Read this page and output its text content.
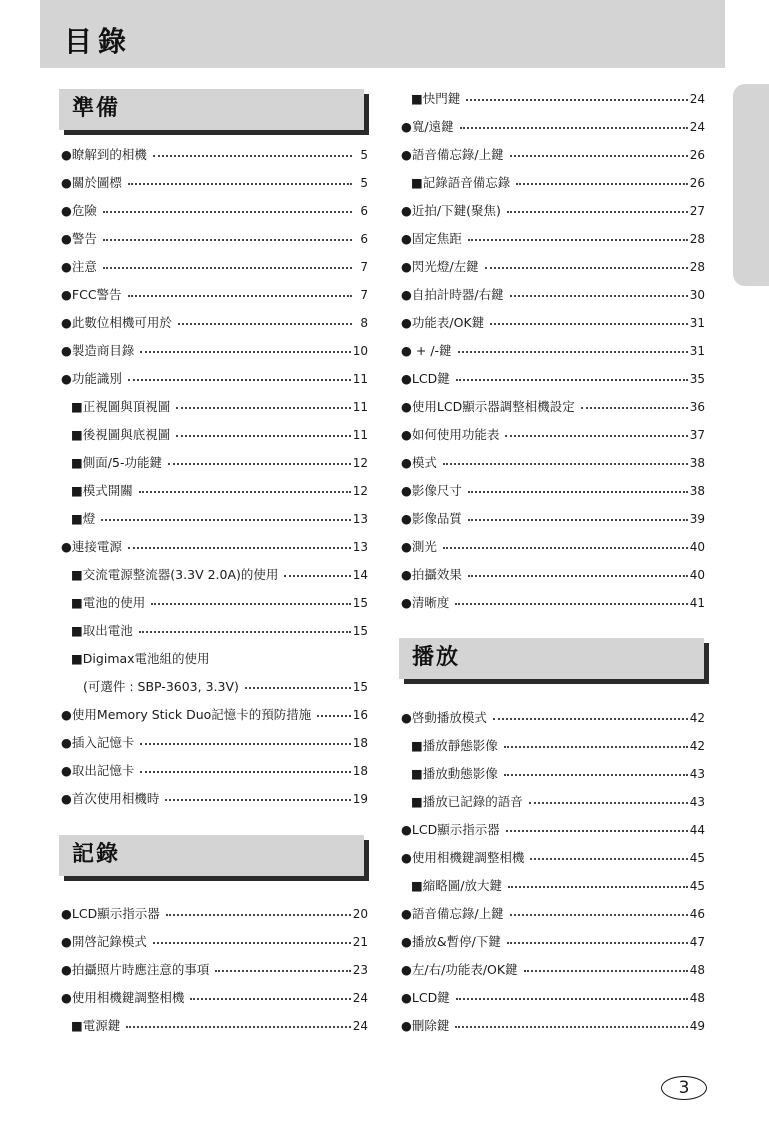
目錄
準備
記錄
播放
●瞭解到的相機	5
●關於圖標	5
●危險	6
●警告	6
●注意	7
●FCC警告	7
●此數位相機可用於	8
●製造商目錄	10
●功能識別	11
■正視圖與頂視圖	11
■後視圖與底視圖	11
■側面/5-功能鍵	12
■模式開關	12
■燈	13
●連接電源	13
■交流電源整流器(3.3V 2.0A)的使用	14
■電池的使用	15
■取出電池	15
■Digimax電池組的使用
(可選件 : SBP-3603, 3.3V)	15
●使用Memory Stick Duo記憶卡的預防措施	16
●插入記憶卡	18
●取出記憶卡	18
●首次使用相機時	19
●LCD顯示指示器	20
●開啓記錄模式	21
●拍攝照片時應注意的事項	23
●使用相機鍵調整相機	24
■電源鍵	24
■快門鍵	24
●寬/遠鍵	24
●語音備忘錄/上鍵	26
■記錄語音備忘錄	26
●近拍/下鍵(聚焦)	27
●固定焦距	28
●閃光燈/左鍵	28
●自拍計時器/右鍵	30
●功能表/OK鍵	31
● + /-鍵	31
●LCD鍵	35
●使用LCD顯示器調整相機設定	36
●如何使用功能表	37
●模式	38
●影像尺寸	38
●影像品質	39
●測光	40
●拍攝效果	40
●清晰度	41
●啓動播放模式	42
■播放靜態影像	42
■播放動態影像	43
■播放已記錄的語音	43
●LCD顯示指示器	44
●使用相機鍵調整相機	45
■縮略圖/放大鍵	45
●語音備忘錄/上鍵	46
●播放&暫停/下鍵	47
●左/右/功能表/OK鍵	48
●LCD鍵	48
●刪除鍵	49
3
